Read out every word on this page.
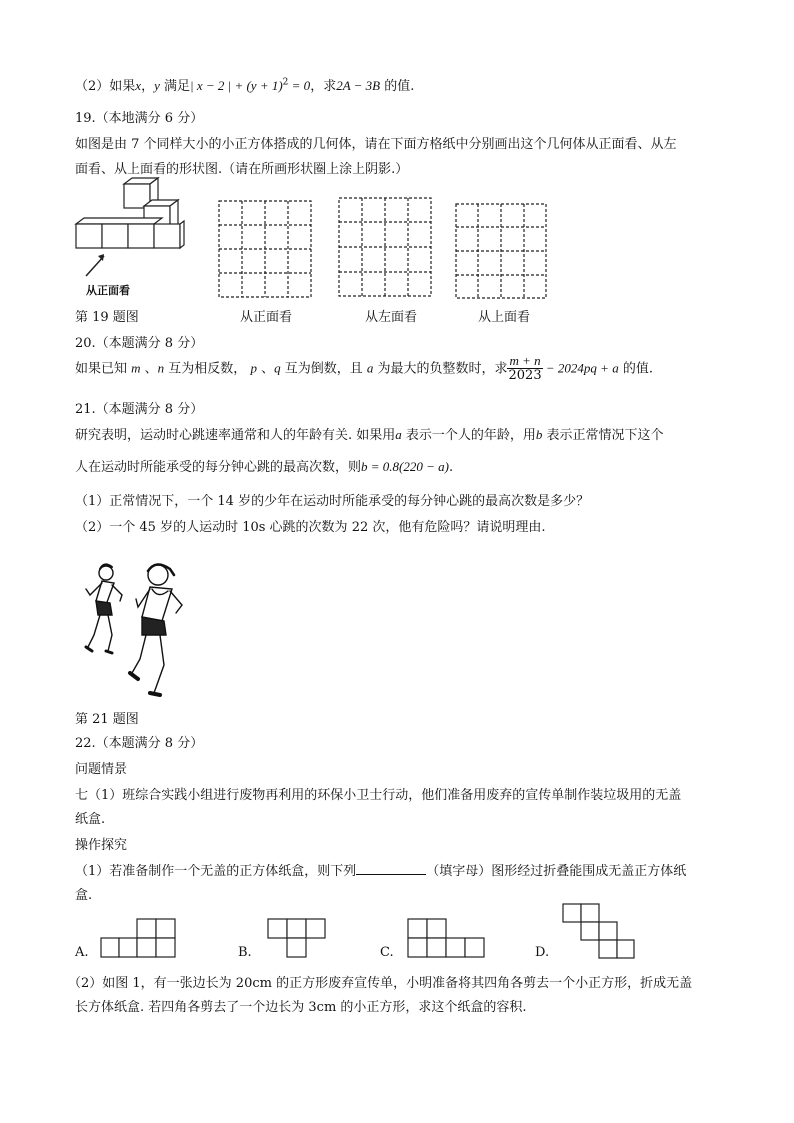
（2）如果x，y 满足| x − 2 | + $(y + 1)^2 = 0$，求2A − 3B 的值.
19.（本地满分 6 分）
如图是由 7 个同样大小的小正方体搭成的几何体，请在下面方格纸中分别画出这个几何体从正面看、从左
面看、从上面看的形状图.（请在所画形状圈上涂上阴影.）
从正面看
第 19 题图	从正面看	从左面看	从上面看
20.（本题满分 8 分）
如果已知 m 、n 互为相反数， p 、q 互为倒数，且 a 为最大的负整数时，求 $\frac{m + n}{2023} - 2024pq + a$ 的值.
21.（本题满分 8 分）
研究表明，运动时心跳速率通常和人的年龄有关. 如果用a 表示一个人的年龄，用b 表示正常情况下这个
人在运动时所能承受的每分钟心跳的最高次数，则b = 0.8(220 − a).
（1）正常情况下，一个 14 岁的少年在运动时所能承受的每分钟心跳的最高次数是多少？
（2）一个 45 岁的人运动时 10s 心跳的次数为 22 次，他有危险吗？请说明理由.
第 21 题图
22.（本题满分 8 分）
问题情景
七（1）班综合实践小组进行废物再利用的环保小卫士行动，他们准备用废弃的宣传单制作装垃圾用的无盖
纸盒.
操作探究
（1）若准备制作一个无盖的正方体纸盒，则下列	（填字母）图形经过折叠能围成无盖正方体纸
盒.
A.	B.	C.	D.
（2）如图 1，有一张边长为 20cm 的正方形废弃宣传单，小明准备将其四角各剪去一个小正方形，折成无盖
长方体纸盒. 若四角各剪去了一个边长为 3cm 的小正方形，求这个纸盒的容积.
